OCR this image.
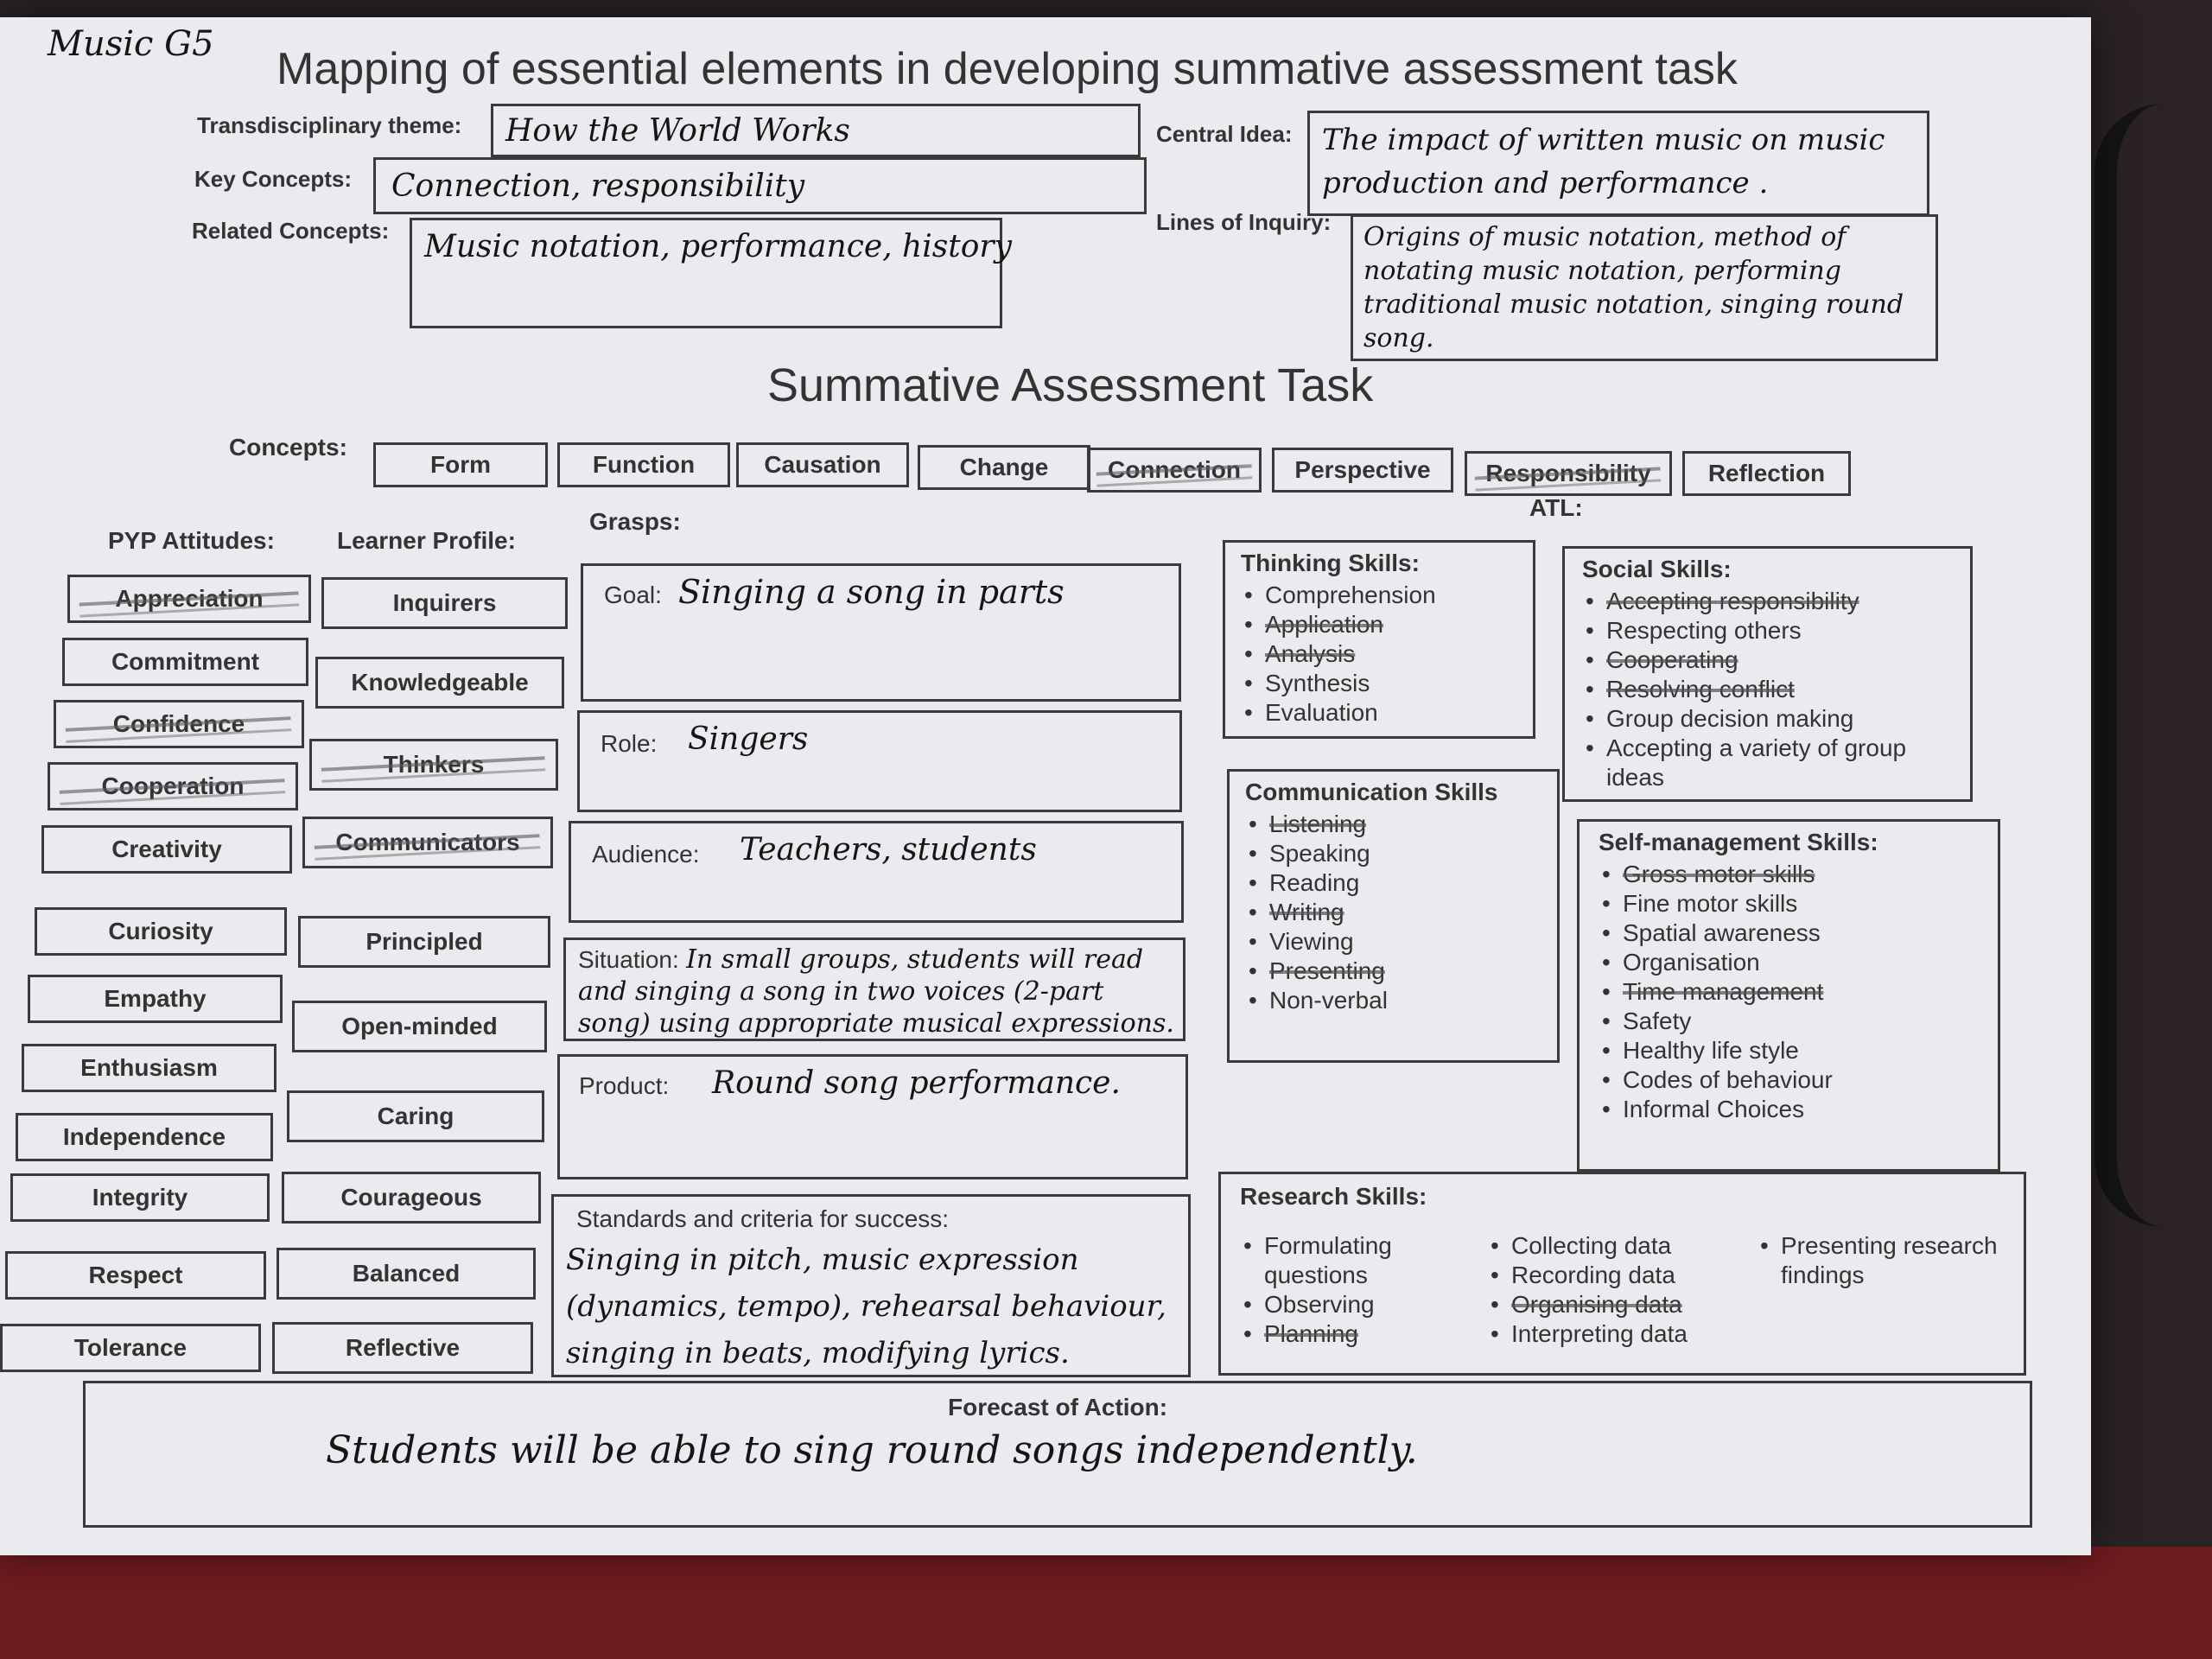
Music G5 Mapping of essential elements in developing summative assessment task
Transdisciplinary theme: How the World Works
Key Concepts: Connection, responsibility
Related Concepts: Music notation, performance, history
Central Idea: The impact of written music on music production and performance .
Lines of Inquiry: Origins of music notation, method of notating music notation, performing traditional music notation, singing round song.
Summative Assessment Task
Concepts:
ATL:
PYP Attitudes:	Learner Profile:
Grasps:
Goal: Singing a song in parts
Role: Singers
Audience: Teachers, students
Situation: In small groups, students will read and singing a song in two voices (2-part song) using appropriate musical expressions.
Product: Round song performance.
Standards and criteria for success:
Singing in pitch, music expression (dynamics, tempo), rehearsal behaviour, singing in beats, modifying lyrics.
Thinking Skills:
• Comprehension
• Application
• Analysis
• Synthesis
• Evaluation
Social Skills:
• Accepting responsibility
• Respecting others
• Cooperating
• Resolving conflict
• Group decision making
• Accepting a variety of group ideas
Communication Skills
• Listening
• Speaking
• Reading
• Writing
• Viewing
• Presenting
• Non-verbal
Self-management Skills:
• Gross motor skills
• Fine motor skills
• Spatial awareness
• Organisation
• Time management
• Safety
• Healthy life style
• Codes of behaviour
• Informal Choices
Research Skills:
• Formulating questions
• Observing
• Planning
• Collecting data
• Recording data
• Organising data
• Interpreting data
• Presenting research findings
Forecast of Action:
Students will be able to sing round songs independently.
Form	Function	Causation	Change	Connection	Perspective	Responsibility	Reflection
Appreciation
Commitment
Confidence
Cooperation
Creativity
Curiosity
Empathy
Enthusiasm
Independence
Integrity
Respect
Tolerance
Inquirers
Knowledgeable
Thinkers
Communicators
Principled
Open-minded
Caring
Courageous
Balanced
Reflective
